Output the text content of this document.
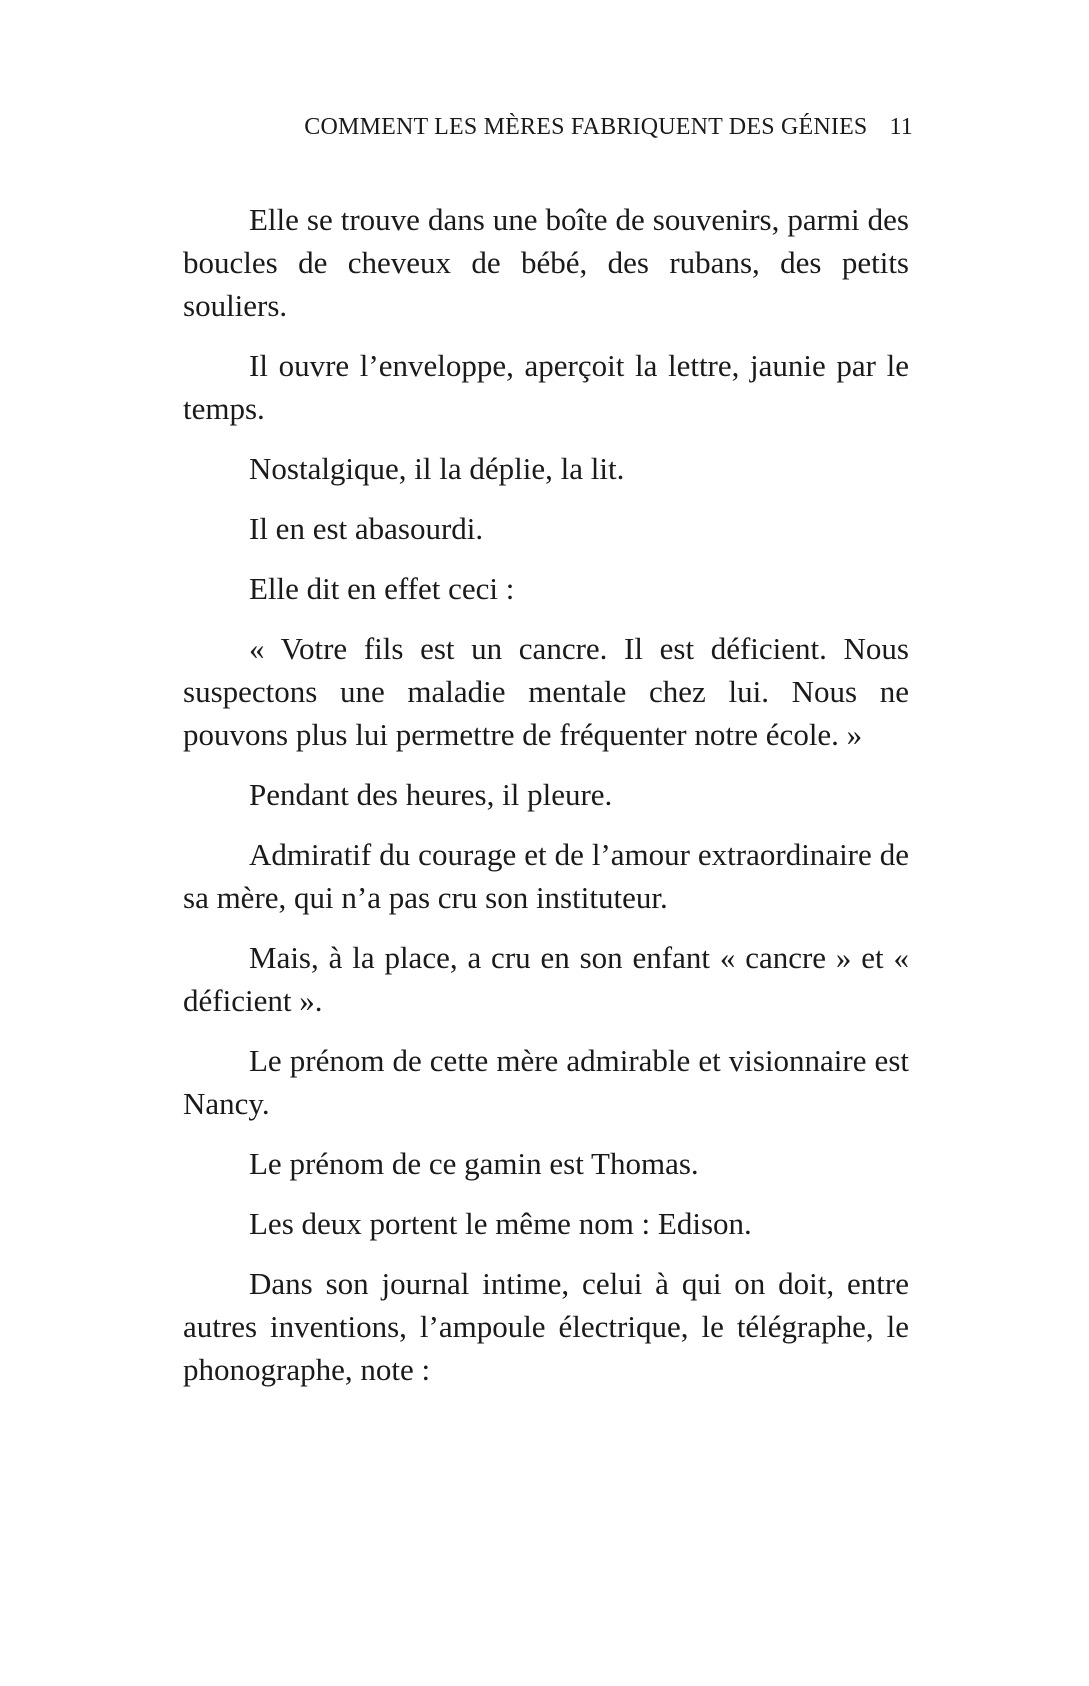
COMMENT LES MÈRES FABRIQUENT DES GÉNIES 11

Elle se trouve dans une boîte de souvenirs, parmi des boucles de cheveux de bébé, des rubans, des petits souliers.

Il ouvre l’enveloppe, aperçoit la lettre, jaunie par le temps.

Nostalgique, il la déplie, la lit.

Il en est abasourdi.

Elle dit en effet ceci :

« Votre fils est un cancre. Il est déficient. Nous suspectons une maladie mentale chez lui. Nous ne pouvons plus lui permettre de fréquenter notre école. »

Pendant des heures, il pleure.

Admiratif du courage et de l’amour extraordinaire de sa mère, qui n’a pas cru son instituteur.

Mais, à la place, a cru en son enfant « cancre » et « déficient ».

Le prénom de cette mère admirable et visionnaire est Nancy.

Le prénom de ce gamin est Thomas.

Les deux portent le même nom : Edison.

Dans son journal intime, celui à qui on doit, entre autres inventions, l’ampoule électrique, le télégraphe, le phonographe, note :
